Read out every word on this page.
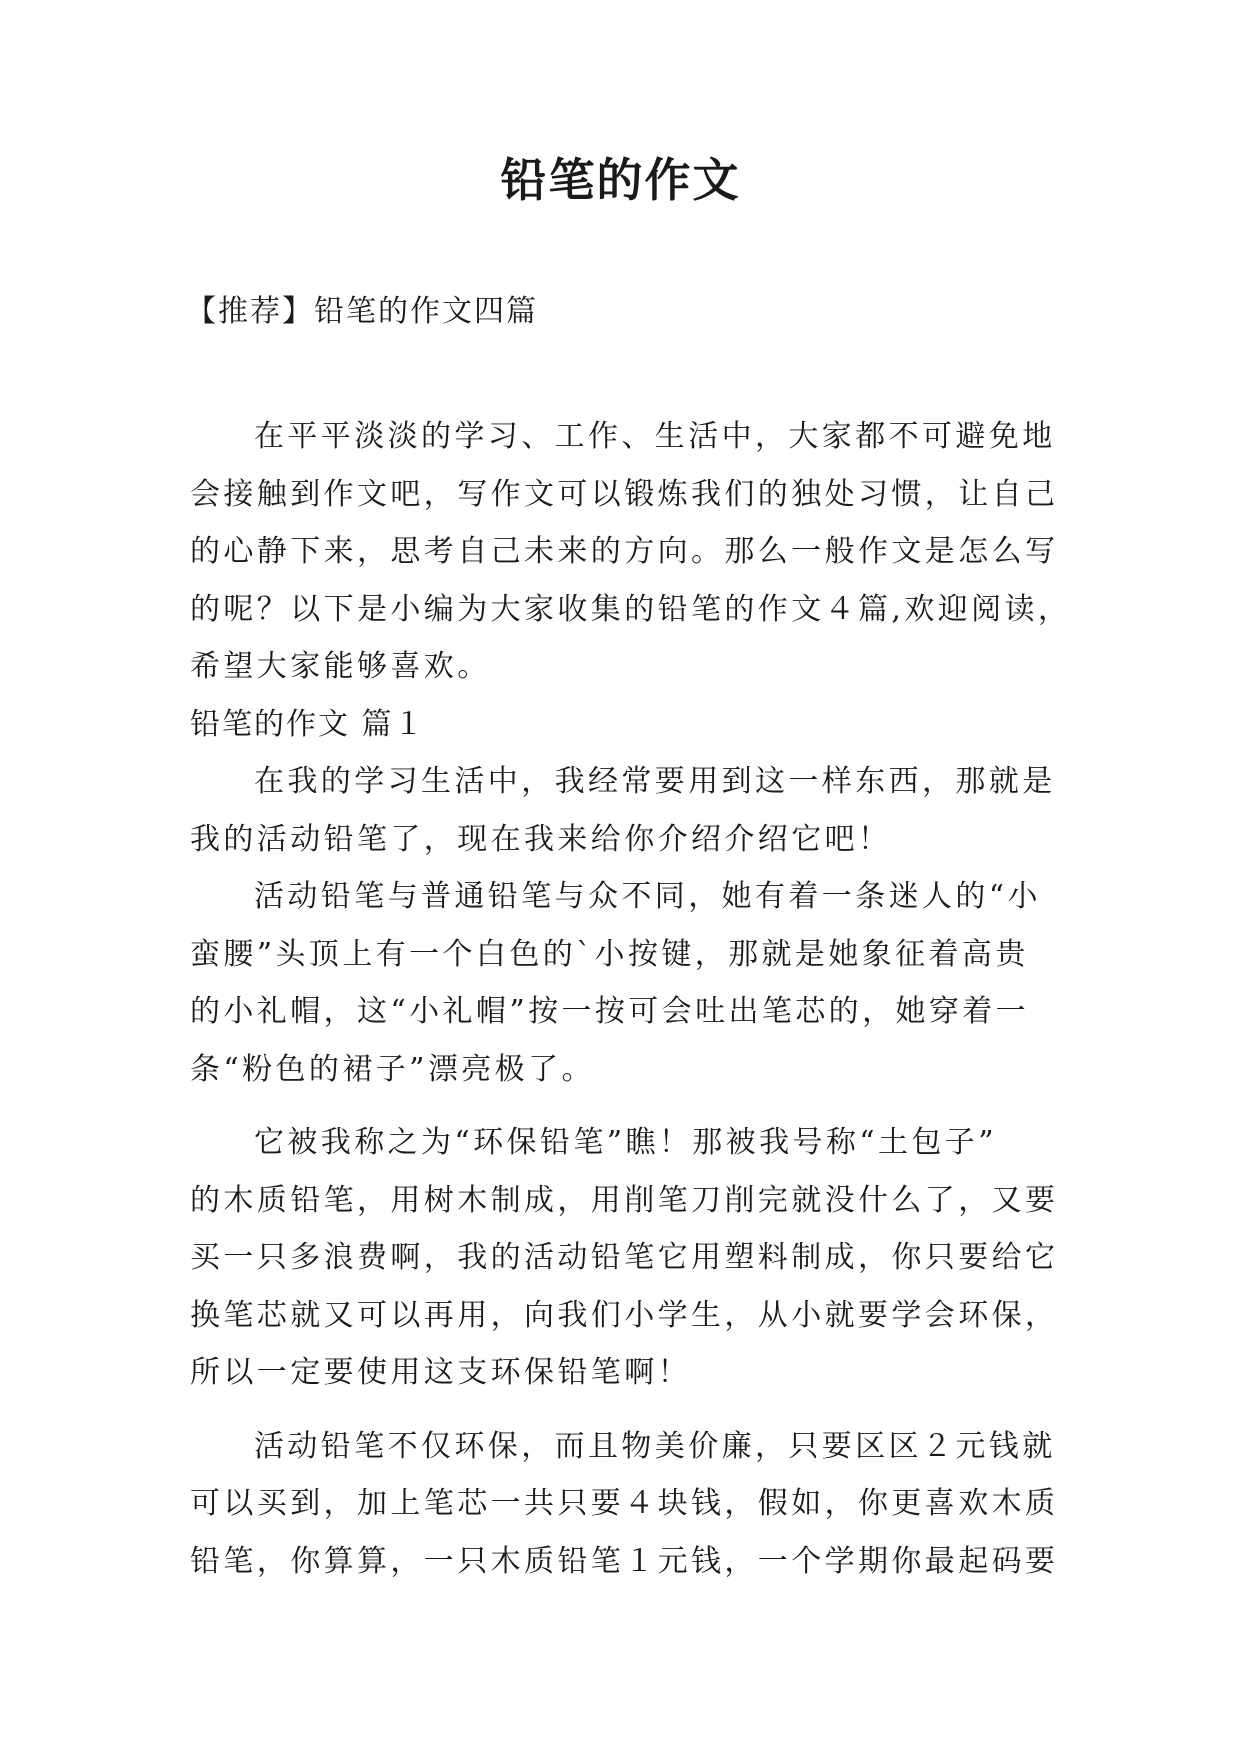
铅笔的作文
【推荐】铅笔的作文四篇
在平平淡淡的学习、工作、生活中，大家都不可避免地
会接触到作文吧，写作文可以锻炼我们的独处习惯，让自己
的心静下来，思考自己未来的方向。那么一般作文是怎么写
的呢？以下是小编为大家收集的铅笔的作文４篇,欢迎阅读，
希望大家能够喜欢。
铅笔的作文 篇１
在我的学习生活中，我经常要用到这一样东西，那就是
我的活动铅笔了，现在我来给你介绍介绍它吧！
活动铅笔与普通铅笔与众不同，她有着一条迷人的“小
蛮腰”头顶上有一个白色的`小按键，那就是她象征着高贵
的小礼帽，这“小礼帽”按一按可会吐出笔芯的，她穿着一
条“粉色的裙子”漂亮极了。
它被我称之为“环保铅笔”瞧！那被我号称“土包子”
的木质铅笔，用树木制成，用削笔刀削完就没什么了，又要
买一只多浪费啊，我的活动铅笔它用塑料制成，你只要给它
换笔芯就又可以再用，向我们小学生，从小就要学会环保，
所以一定要使用这支环保铅笔啊！
活动铅笔不仅环保，而且物美价廉，只要区区２元钱就
可以买到，加上笔芯一共只要４块钱，假如，你更喜欢木质
铅笔，你算算，一只木质铅笔１元钱，一个学期你最起码要
